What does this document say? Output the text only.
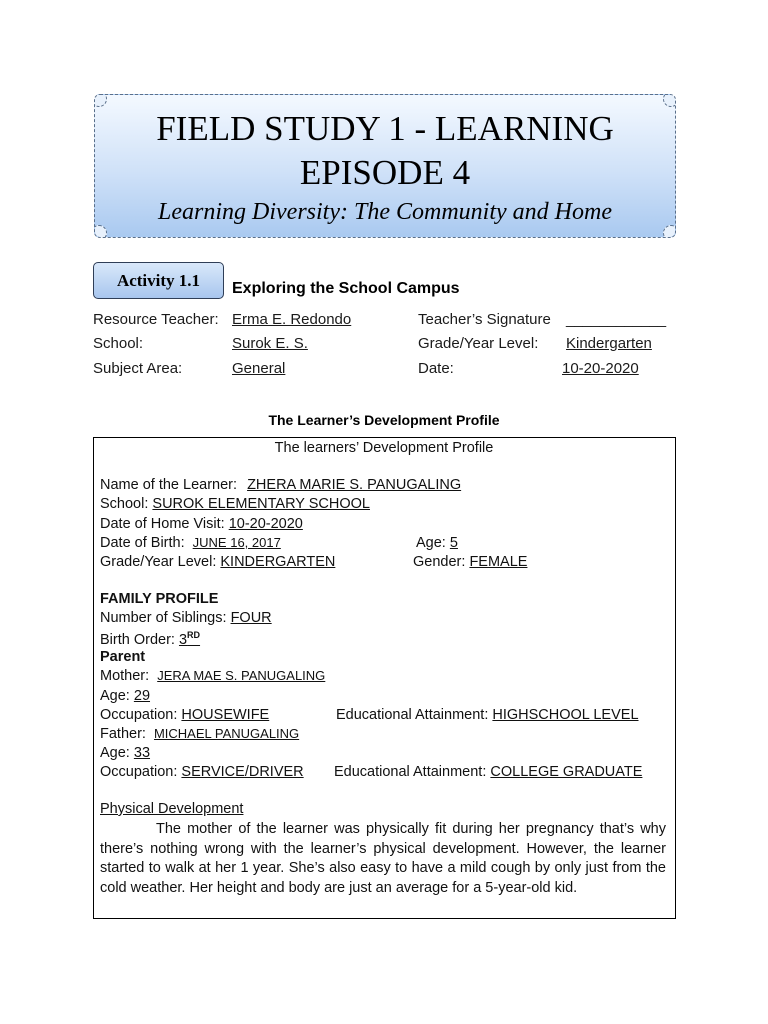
FIELD STUDY 1 - LEARNING
EPISODE 4
Learning Diversity: The Community and Home
Activity 1.1	Exploring the School Campus
Resource Teacher: Erma E. Redondo	Teacher’s Signature ____________
School:	Surok E. S.	Grade/Year Level: Kindergarten
Subject Area:	General	Date:	10-20-2020
The Learner’s Development Profile
The learners’ Development Profile
Name of the Learner: ZHERA MARIE S. PANUGALING
School: SUROK ELEMENTARY SCHOOL
Date of Home Visit: 10-20-2020
Date of Birth: JUNE 16, 2017	Age: 5
Grade/Year Level: KINDERGARTEN	Gender: FEMALE
FAMILY PROFILE
Number of Siblings: FOUR
Birth Order: 3RD
Parent
Mother: JERA MAE S. PANUGALING
Age: 29
Occupation: HOUSEWIFE	Educational Attainment: HIGHSCHOOL LEVEL
Father: MICHAEL PANUGALING
Age: 33
Occupation: SERVICE/DRIVER Educational Attainment: COLLEGE GRADUATE
Physical Development
The mother of the learner was physically fit during her pregnancy that’s why there’s nothing wrong with the learner’s physical development. However, the learner started to walk at her 1 year. She’s also easy to have a mild cough by only just from the cold weather. Her height and body are just an average for a 5-year-old kid.
